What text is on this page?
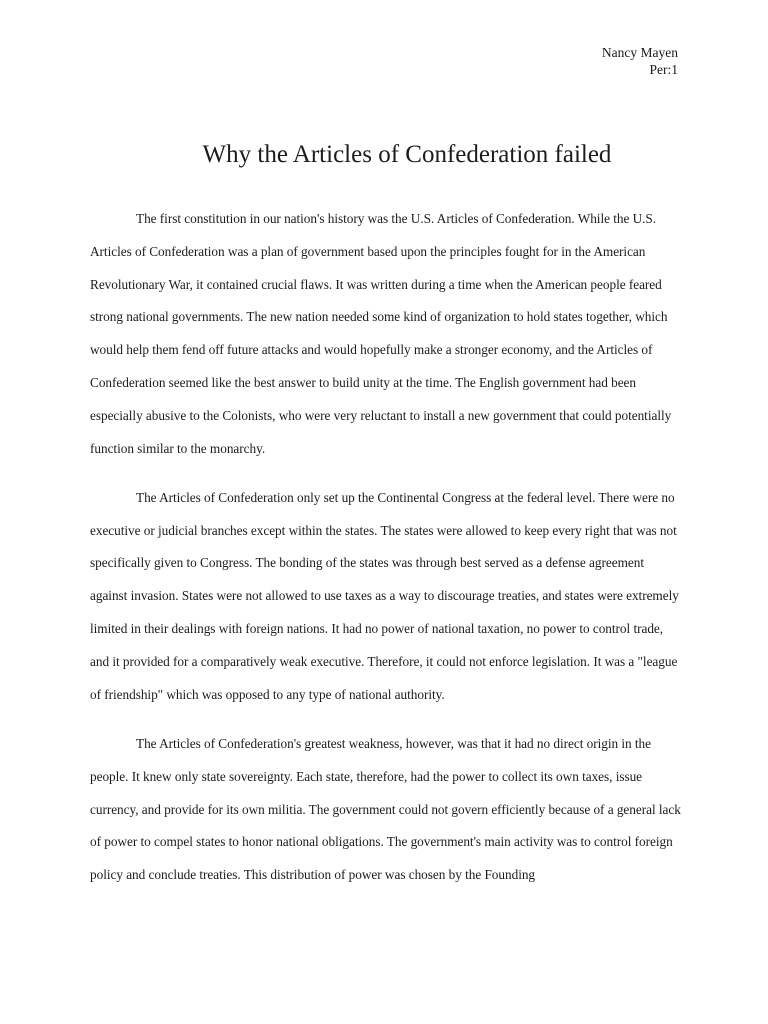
Nancy Mayen
Per:1
Why the Articles of Confederation failed

The first constitution in our nation's history was the U.S. Articles of Confederation. While the U.S. Articles of Confederation was a plan of government based upon the principles fought for in the American Revolutionary War, it contained crucial flaws. It was written during a time when the American people feared strong national governments. The new nation needed some kind of organization to hold states together, which would help them fend off future attacks and would hopefully make a stronger economy, and the Articles of Confederation seemed like the best answer to build unity at the time. The English government had been especially abusive to the Colonists, who were very reluctant to install a new government that could potentially function similar to the monarchy.

The Articles of Confederation only set up the Continental Congress at the federal level. There were no executive or judicial branches except within the states. The states were allowed to keep every right that was not specifically given to Congress. The bonding of the states was through best served as a defense agreement against invasion. States were not allowed to use taxes as a way to discourage treaties, and states were extremely limited in their dealings with foreign nations. It had no power of national taxation, no power to control trade, and it provided for a comparatively weak executive. Therefore, it could not enforce legislation. It was a "league of friendship" which was opposed to any type of national authority.

The Articles of Confederation's greatest weakness, however, was that it had no direct origin in the people. It knew only state sovereignty. Each state, therefore, had the power to collect its own taxes, issue currency, and provide for its own militia. The government could not govern efficiently because of a general lack of power to compel states to honor national obligations. The government's main activity was to control foreign policy and conclude treaties. This distribution of power was chosen by the Founding
